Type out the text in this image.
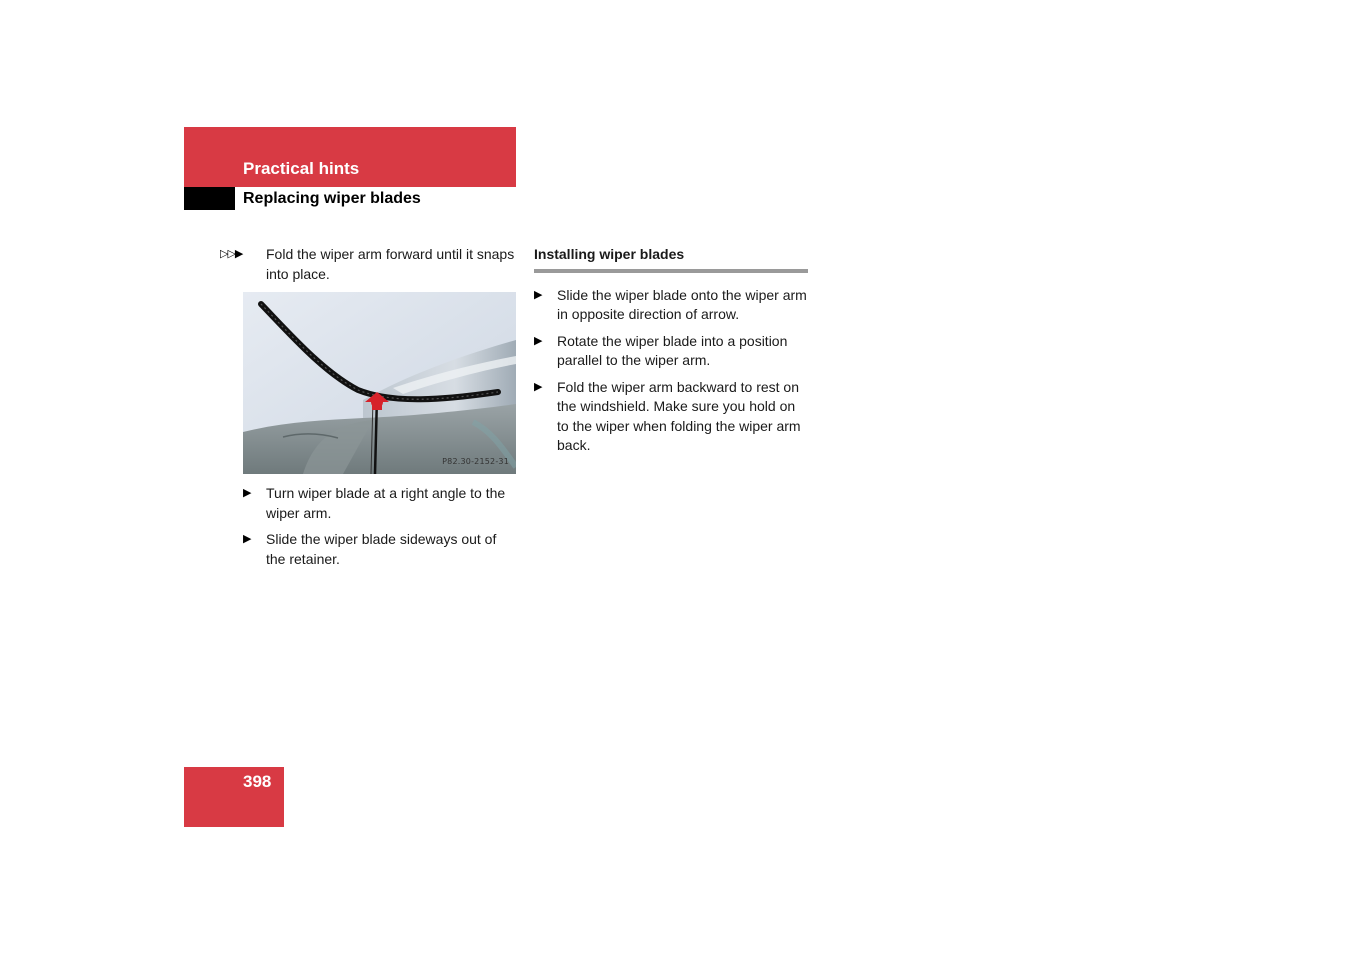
Practical hints
Replacing wiper blades
▷▷▶	Fold the wiper arm forward until it snaps into place.
P82.30-2152-31
▶	Turn wiper blade at a right angle to the wiper arm.
▶	Slide the wiper blade sideways out of the retainer.
Installing wiper blades
▶	Slide the wiper blade onto the wiper arm in opposite direction of arrow.
▶	Rotate the wiper blade into a position parallel to the wiper arm.
▶	Fold the wiper arm backward to rest on the windshield. Make sure you hold on to the wiper when folding the wiper arm back.
398
